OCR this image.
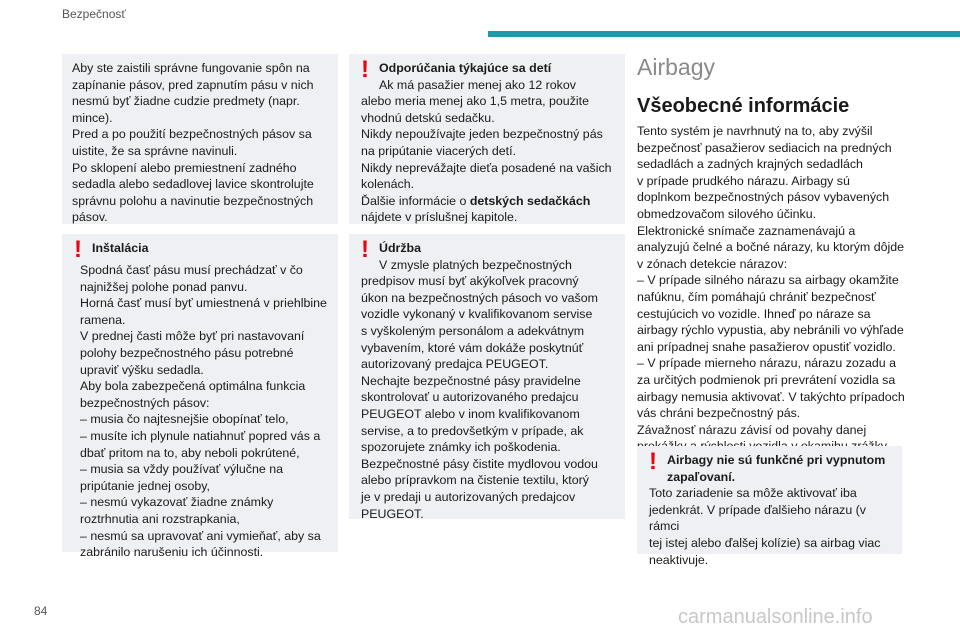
Bezpečnosť
Aby ste zaistili správne fungovanie spôn na
zapínanie pásov, pred zapnutím pásu v nich
nesmú byť žiadne cudzie predmety (napr.
mince).
Pred a po použití bezpečnostných pásov sa
uistite, že sa správne navinuli.
Po sklopení alebo premiestnení zadného
sedadla alebo sedadlovej lavice skontrolujte
správnu polohu a navinutie bezpečnostných
pásov.
! Inštalácia
Spodná časť pásu musí prechádzať v čo
najnižšej polohe ponad panvu.
Horná časť musí byť umiestnená v priehlbine
ramena.
V prednej časti môže byť pri nastavovaní
polohy bezpečnostného pásu potrebné
upraviť výšku sedadla.
Aby bola zabezpečená optimálna funkcia
bezpečnostných pásov:
– musia čo najtesnejšie obopínať telo,
– musíte ich plynule natiahnuť popred vás a
dbať pritom na to, aby neboli pokrútené,
– musia sa vždy používať výlučne na
pripútanie jednej osoby,
– nesmú vykazovať žiadne známky
roztrhnutia ani rozstrapkania,
– nesmú sa upravovať ani vymieňať, aby sa
zabránilo narušeniu ich účinnosti.
! Odporúčania týkajúce sa detí
Ak má pasažier menej ako 12 rokov
alebo meria menej ako 1,5 metra, použite
vhodnú detskú sedačku.
Nikdy nepoužívajte jeden bezpečnostný pás
na pripútanie viacerých detí.
Nikdy neprevážajte dieťa posadené na vašich
kolenách.
Ďalšie informácie o detských sedačkách
nájdete v príslušnej kapitole.
! Údržba
V zmysle platných bezpečnostných
predpisov musí byť akýkoľvek pracovný
úkon na bezpečnostných pásoch vo vašom
vozidle vykonaný v kvalifikovanom servise
s vyškoleným personálom a adekvátnym
vybavením, ktoré vám dokáže poskytnúť
autorizovaný predajca PEUGEOT.
Nechajte bezpečnostné pásy pravidelne
skontrolovať u autorizovaného predajcu
PEUGEOT alebo v inom kvalifikovanom
servise, a to predovšetkým v prípade, ak
spozorujete známky ich poškodenia.
Bezpečnostné pásy čistite mydlovou vodou
alebo prípravkom na čistenie textilu, ktorý
je v predaji u autorizovaných predajcov
PEUGEOT.
Airbagy
Všeobecné informácie
Tento systém je navrhnutý na to, aby zvýšil
bezpečnosť pasažierov sediacich na predných
sedadlách a zadných krajných sedadlách
v prípade prudkého nárazu. Airbagy sú
doplnkom bezpečnostných pásov vybavených
obmedzovačom silového účinku.
Elektronické snímače zaznamenávajú a
analyzujú čelné a bočné nárazy, ku ktorým dôjde
v zónach detekcie nárazov:
– V prípade silného nárazu sa airbagy okamžite
nafúknu, čím pomáhajú chrániť bezpečnosť
cestujúcich vo vozidle. Ihneď po náraze sa
airbagy rýchlo vypustia, aby nebránili vo výhľade
ani prípadnej snahe pasažierov opustiť vozidlo.
– V prípade mierneho nárazu, nárazu zozadu a
za určitých podmienok pri prevrátení vozidla sa
airbagy nemusia aktivovať. V takýchto prípadoch
vás chráni bezpečnostný pás.
Závažnosť nárazu závisí od povahy danej
! Airbagy nie sú funkčné pri vypnutom
zapaľovaní.
Toto zariadenie sa môže aktivovať iba
jedenkrát. V prípade ďalšieho nárazu (v rámci
tej istej alebo ďalšej kolízie) sa airbag viac
neaktivuje.
84	carmanualsonline.info
